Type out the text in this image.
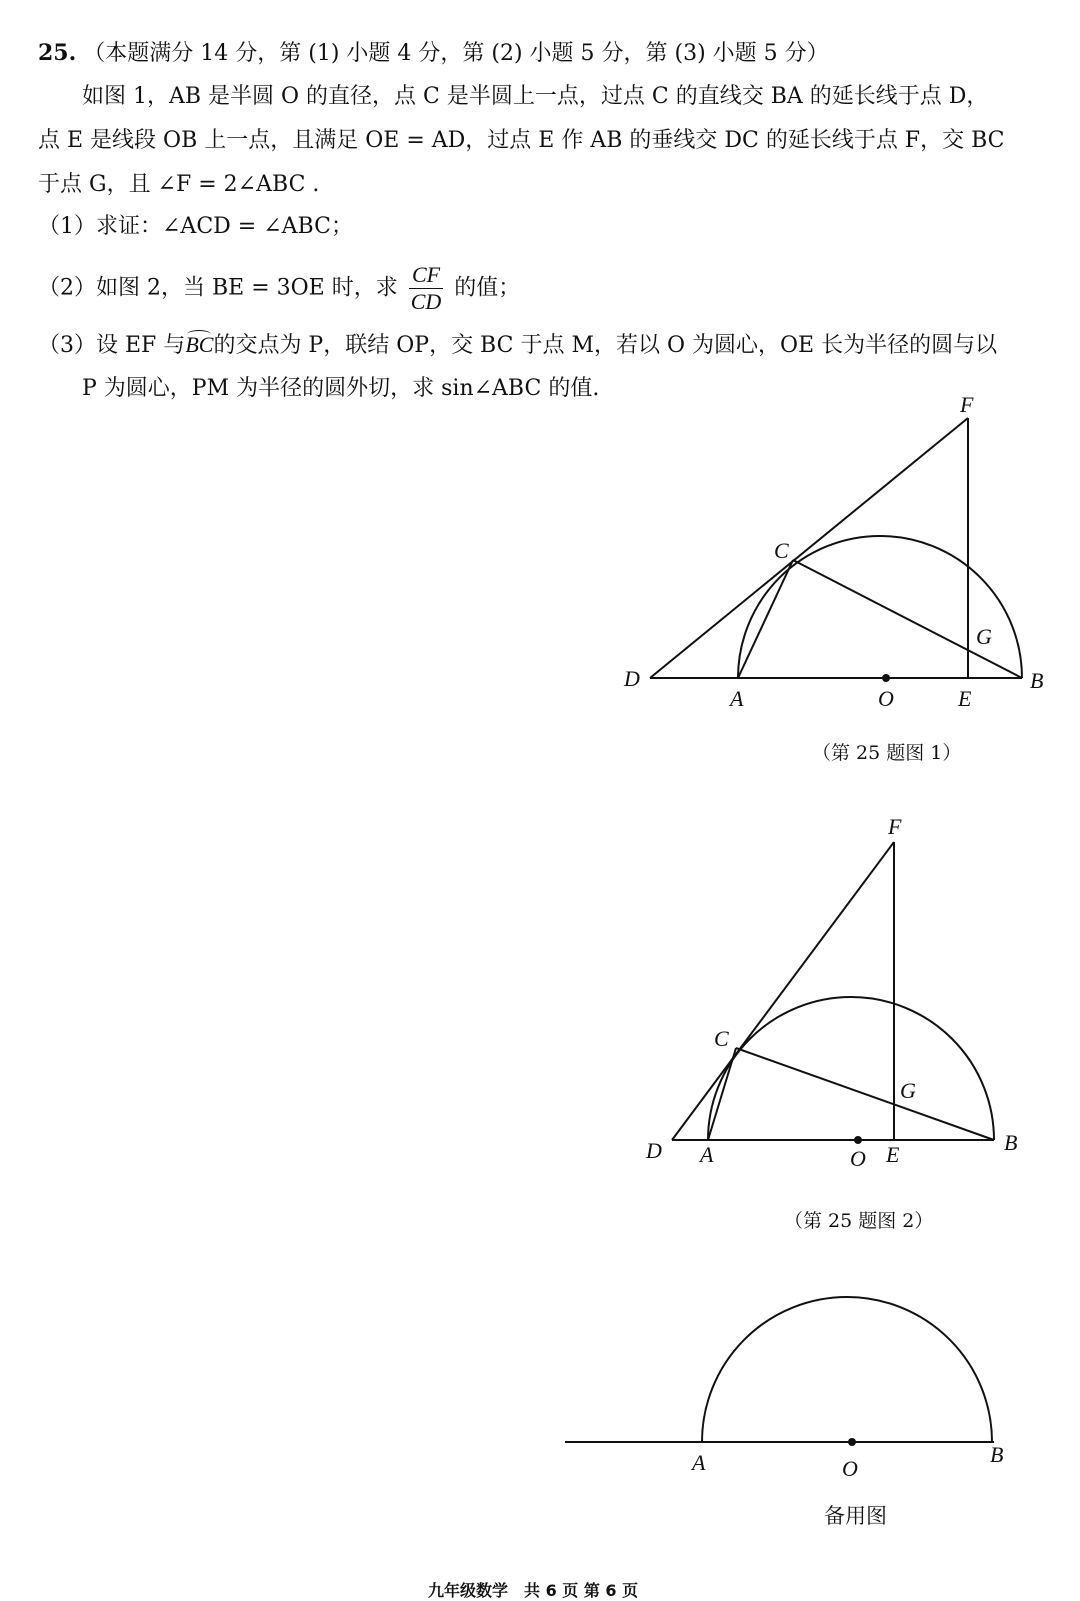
25. （本题满分 14 分，第 (1) 小题 4 分，第 (2) 小题 5 分，第 (3) 小题 5 分）
如图 1，AB 是半圆 O 的直径，点 C 是半圆上一点，过点 C 的直线交 BA 的延长线于点 D，
点 E 是线段 OB 上一点，且满足 OE = AD，过点 E 作 AB 的垂线交 DC 的延长线于点 F，交 BC
于点 G，且 ∠F = 2∠ABC .
（1）求证：∠ACD = ∠ABC；
（2）如图 2，当 BE = 3OE 时，求 $\frac{CF}{CD}$ 的值；
（3）设 EF 与BC的交点为 P，联结 OP，交 BC 于点 M，若以 O 为圆心，OE 长为半径的圆与以
P 为圆心，PM 为半径的圆外切，求 sin∠ABC 的值.
F
C
G
D
A	O	E
B
F
C
G
D A	O E	B
A	O
B
（第 25 题图 1）
（第 25 题图 2）
备用图
九年级数学　共 6 页 第 6 页
